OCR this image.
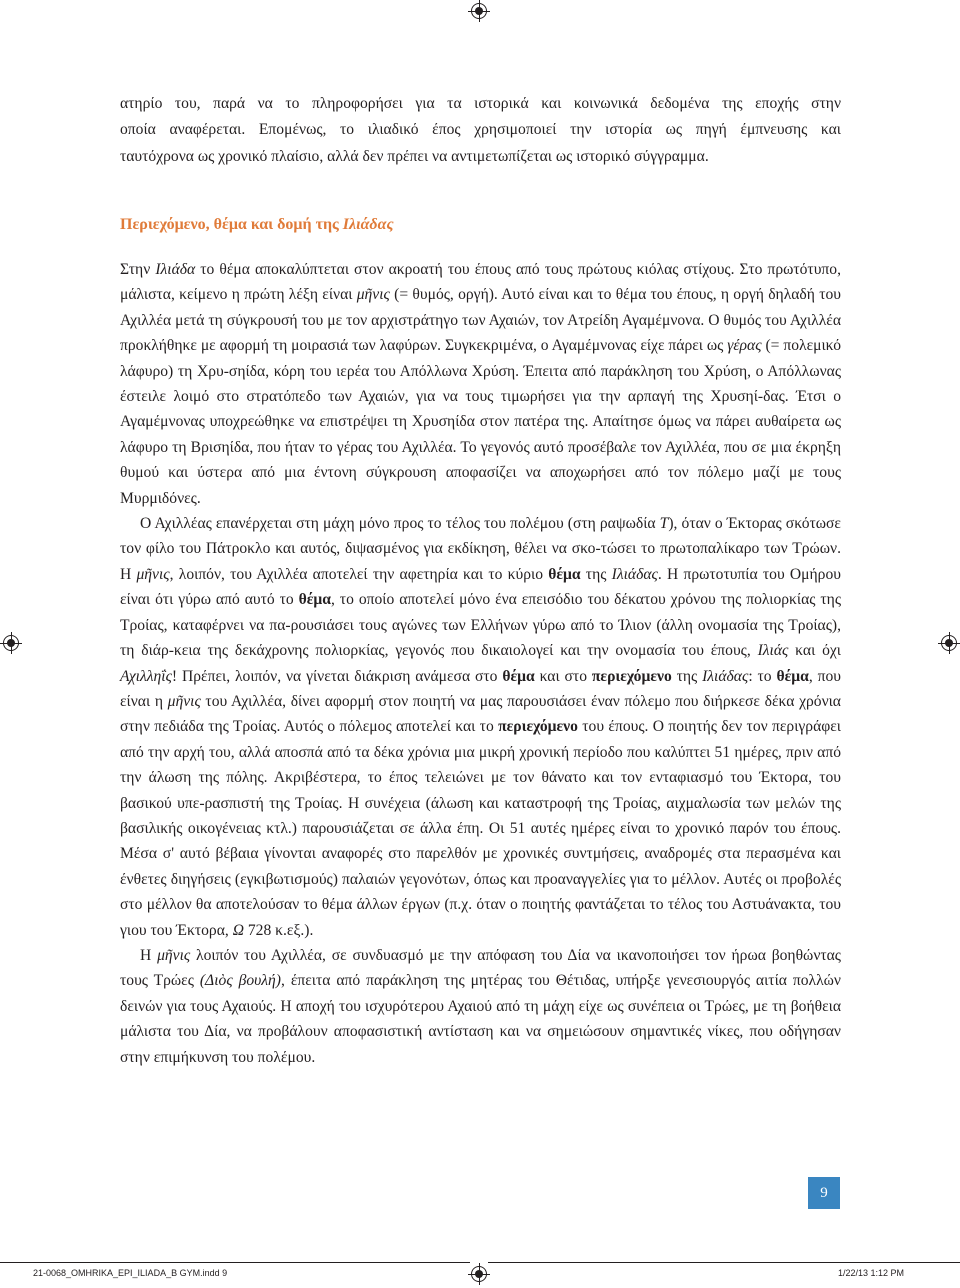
ατηρίο του, παρά να το πληροφορήσει για τα ιστορικά και κοινωνικά δεδομένα της εποχής στην

οποία αναφέρεται. Επομένως, το ιλιαδικό έπος χρησιμοποιεί την ιστορία ως πηγή έμπνευσης και

ταυτόχρονα ως χρονικό πλαίσιο, αλλά δεν πρέπει να αντιμετωπίζεται ως ιστορικό σύγγραμμα.

Περιεχόμενο, θέμα και δομή της Ιλιάδας

Στην Ιλιάδα το θέμα αποκαλύπτεται στον ακροατή του έπους από τους πρώτους κιόλας στίχους. Στο πρωτότυπο, μάλιστα, κείμενο η πρώτη λέξη είναι μῆνις (= θυμός, οργή). Αυτό είναι και το θέμα του έπους, η οργή δηλαδή του Αχιλλέα μετά τη σύγκρουσή του με τον αρχιστράτηγο των Αχαιών, τον Ατρείδη Αγαμέμνονα. Ο θυμός του Αχιλλέα προκλήθηκε με αφορμή τη μοιρασιά των λαφύρων. Συγκεκριμένα, ο Αγαμέμνονας είχε πάρει ως γέρας (= πολεμικό λάφυρο) τη Χρυ-σηίδα, κόρη του ιερέα του Απόλλωνα Χρύση. Έπειτα από παράκληση του Χρύση, ο Απόλλωνας έστειλε λοιμό στο στρατόπεδο των Αχαιών, για να τους τιμωρήσει για την αρπαγή της Χρυσηί-δας. Έτσι ο Αγαμέμνονας υποχρεώθηκε να επιστρέψει τη Χρυσηίδα στον πατέρα της. Απαίτησε όμως να πάρει αυθαίρετα ως λάφυρο τη Βρισηίδα, που ήταν το γέρας του Αχιλλέα. Το γεγονός αυτό προσέβαλε τον Αχιλλέα, που σε μια έκρηξη θυμού και ύστερα από μια έντονη σύγκρουση αποφασίζει να αποχωρήσει από τον πόλεμο μαζί με τους Μυρμιδόνες.

Ο Αχιλλέας επανέρχεται στη μάχη μόνο προς το τέλος του πολέμου (στη ραψωδία Τ), όταν ο Έκτορας σκότωσε τον φίλο του Πάτροκλο και αυτός, διψασμένος για εκδίκηση, θέλει να σκο-τώσει το πρωτοπαλίκαρο των Τρώων. Η μῆνις, λοιπόν, του Αχιλλέα αποτελεί την αφετηρία και το κύριο θέμα της Ιλιάδας. Η πρωτοτυπία του Ομήρου είναι ότι γύρω από αυτό το θέμα, το οποίο αποτελεί μόνο ένα επεισόδιο του δέκατου χρόνου της πολιορκίας της Τροίας, καταφέρνει να πα-ρουσιάσει τους αγώνες των Ελλήνων γύρω από το Ίλιον (άλλη ονομασία της Τροίας), τη διάρ-κεια της δεκάχρονης πολιορκίας, γεγονός που δικαιολογεί και την ονομασία του έπους, Ιλιάς και όχι Αχιλληΐς! Πρέπει, λοιπόν, να γίνεται διάκριση ανάμεσα στο θέμα και στο περιεχόμενο της Ιλιάδας: το θέμα, που είναι η μῆνις του Αχιλλέα, δίνει αφορμή στον ποιητή να μας παρουσιάσει έναν πόλεμο που διήρκεσε δέκα χρόνια στην πεδιάδα της Τροίας. Αυτός ο πόλεμος αποτελεί και το περιεχόμενο του έπους. Ο ποιητής δεν τον περιγράφει από την αρχή του, αλλά αποσπά από τα δέκα χρόνια μια μικρή χρονική περίοδο που καλύπτει 51 ημέρες, πριν από την άλωση της πόλης. Ακριβέστερα, το έπος τελειώνει με τον θάνατο και τον ενταφιασμό του Έκτορα, του βασικού υπε-ρασπιστή της Τροίας. Η συνέχεια (άλωση και καταστροφή της Τροίας, αιχμαλωσία των μελών της βασιλικής οικογένειας κτλ.) παρουσιάζεται σε άλλα έπη. Οι 51 αυτές ημέρες είναι το χρονικό παρόν του έπους. Μέσα σ' αυτό βέβαια γίνονται αναφορές στο παρελθόν με χρονικές συντμήσεις, αναδρομές στα περασμένα και ένθετες διηγήσεις (εγκιβωτισμούς) παλαιών γεγονότων, όπως και προαναγγελίες για το μέλλον. Αυτές οι προβολές στο μέλλον θα αποτελούσαν το θέμα άλλων έργων (π.χ. όταν ο ποιητής φαντάζεται το τέλος του Αστυάνακτα, του γιου του Έκτορα, Ω 728 κ.εξ.).

Η μῆνις λοιπόν του Αχιλλέα, σε συνδυασμό με την απόφαση του Δία να ικανοποιήσει τον ήρωα βοηθώντας τους Τρώες (Διὸς βουλή), έπειτα από παράκληση της μητέρας του Θέτιδας, υπήρξε γενεσιουργός αιτία πολλών δεινών για τους Αχαιούς. Η αποχή του ισχυρότερου Αχαιού από τη μάχη είχε ως συνέπεια οι Τρώες, με τη βοήθεια μάλιστα του Δία, να προβάλουν αποφασιστική αντίσταση και να σημειώσουν σημαντικές νίκες, που οδήγησαν στην επιμήκυνση του πολέμου.

9
21-0068_OMHRIKA_EPI_ILIADA_B GYM.indd 9	1/22/13 1:12 PM
